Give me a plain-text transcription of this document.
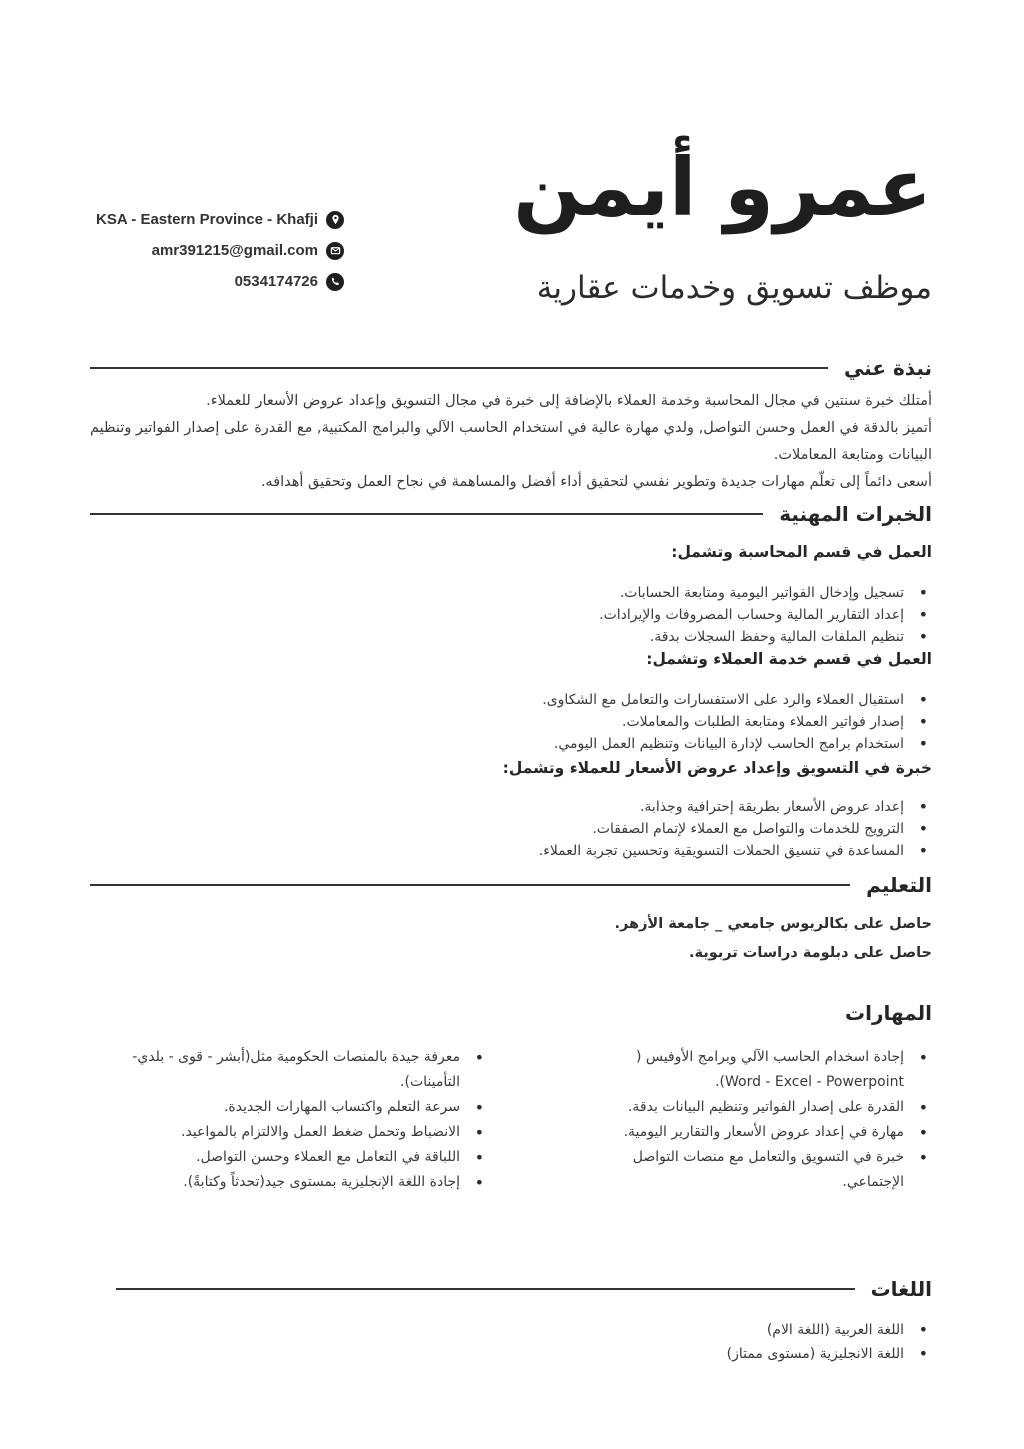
عمرو أيمن
موظف تسويق وخدمات عقارية
KSA - Eastern Province - Khafji
amr391215@gmail.com
0534174726
نبذة عني

أمتلك خبرة سنتين في مجال المحاسبة وخدمة العملاء بالإضافة إلى خبرة في مجال التسويق وإعداد عروض الأسعار للعملاء.

أتميز بالدقة في العمل وحسن التواصل, ولدي مهارة عالية في استخدام الحاسب الآلي والبرامج المكتبية, مع القدرة على إصدار الفواتير وتنظيم البيانات ومتابعة المعاملات.

أسعى دائماً إلى تعلّم مهارات جديدة وتطوير نفسي لتحقيق أداء أفضل والمساهمة في نجاح العمل وتحقيق أهدافه.

الخبرات المهنية
العمل في قسم المحاسبة وتشمل:
• تسجيل وإدخال الفواتير اليومية ومتابعة الحسابات.
• إعداد التقارير المالية وحساب المصروفات والإيرادات.
• تنظيم الملفات المالية وحفظ السجلات بدقة.
العمل في قسم خدمة العملاء وتشمل:
• استقبال العملاء والرد على الاستفسارات والتعامل مع الشكاوى.
• إصدار فواتير العملاء ومتابعة الطلبات والمعاملات.
• استخدام برامج الحاسب لإدارة البيانات وتنظيم العمل اليومي.
خبرة في التسويق وإعداد عروض الأسعار للعملاء وتشمل:
• إعداد عروض الأسعار بطريقة إحترافية وجذابة.
• الترويج للخدمات والتواصل مع العملاء لإتمام الصفقات.
• المساعدة في تنسيق الحملات التسويقية وتحسين تجربة العملاء.
التعليم
حاصل على بكالريوس جامعي _ جامعة الأزهر.
حاصل على دبلومة دراسات تربوية.
المهارات
• إجادة اسخدام الحاسب الآلي وبرامج الأوفيس ( Word - Excel - Powerpoint).
• القدرة على إصدار الفواتير وتنظيم البيانات بدقة.
• مهارة في إعداد عروض الأسعار والتقارير اليومية.
• خبرة في التسويق والتعامل مع منصات التواصل الإجتماعي.
• معرفة جيدة بالمنصات الحكومية مثل(أبشر - قوى - بلدي- التأمينات).
• سرعة التعلم واكتساب المهارات الجديدة.
• الانضباط وتحمل ضغط العمل والالتزام بالمواعيد.
• اللباقة في التعامل مع العملاء وحسن التواصل.
• إجادة اللغة الإنجليزية بمستوى جيد(تحدثاً وكتابةً).
اللغات
• اللغة العربية (اللغة الام)
• اللغة الانجليزية (مستوى ممتاز)
